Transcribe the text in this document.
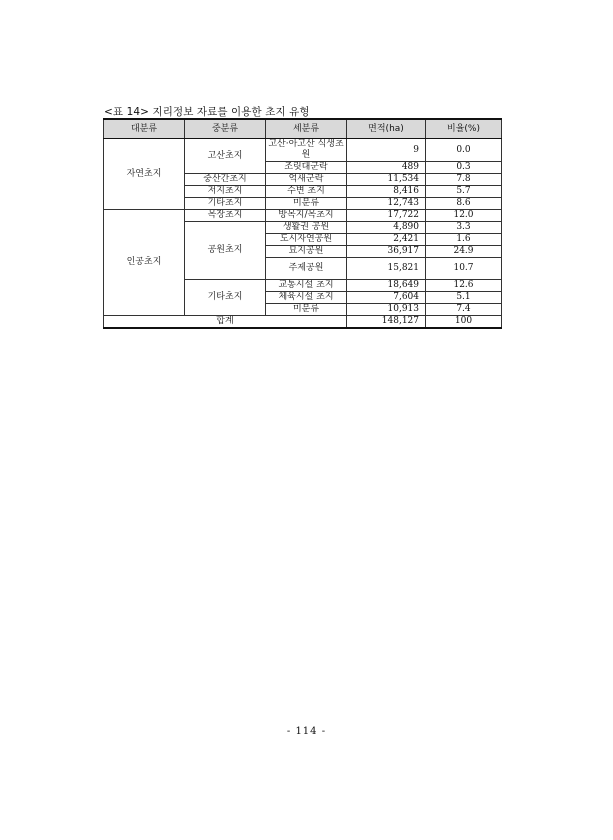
<표 14> 지리정보 자료를 이용한 초지 유형
대분류	중분류	세분류	면적(ha)	비율(%)
자연초지	고산초지	고산·아고산 식생초원	9	0.0
		조릿대군락	489	0.3
	중산간초지	억새군락	11,534	7.8
	저지초지	수변 초지	8,416	5.7
	기타초지	미분류	12,743	8.6
인공초지	목장초지	방목지/목초지	17,722	12.0
	공원초지	생활권 공원	4,890	3.3
		도시자연공원	2,421	1.6
		묘지공원	36,917	24.9
		주제공원	15,821	10.7
	기타초지	교통시설 초지	18,649	12.6
		체육시설 초지	7,604	5.1
		미분류	10,913	7.4
합계			148,127	100
- 114 -
